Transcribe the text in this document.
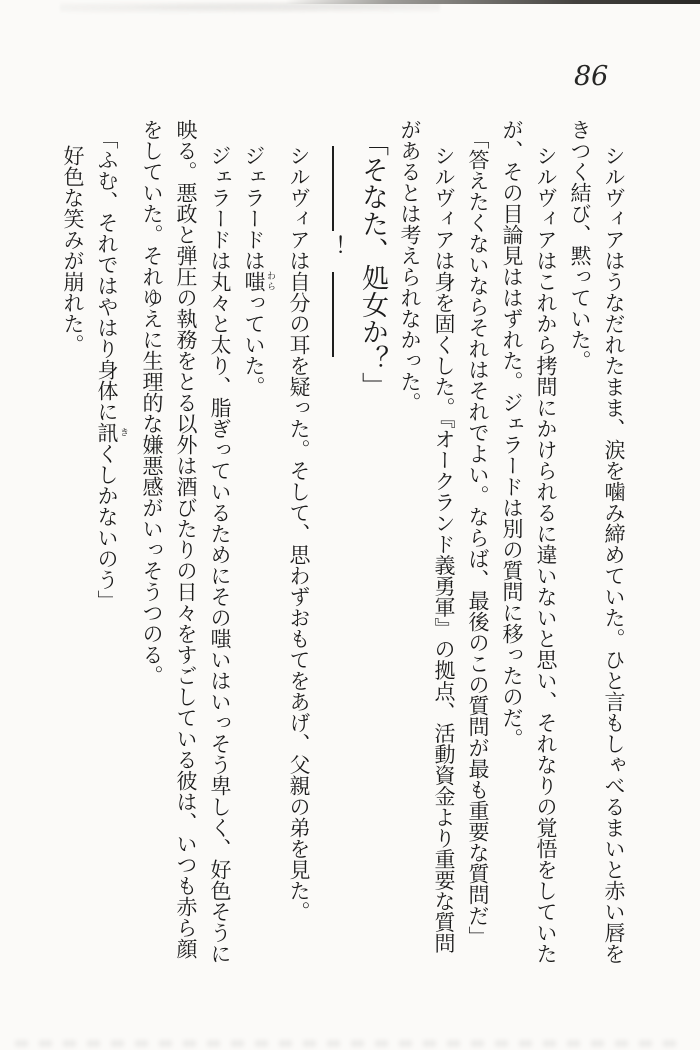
86
シルヴィアはうなだれたまま、涙を噛み締めていた。ひと言もしゃべるまいと赤い唇を
きつく結び、黙っていた。
シルヴィアはこれから拷問にかけられるに違いないと思い、それなりの覚悟をしていた
が、その目論見ははずれた。ジェラードは別の質問に移ったのだ。
「答えたくないならそれはそれでよい。ならば、最後のこの質問が最も重要な質問だ」
シルヴィアは身を固くした。『オークランド義勇軍』の拠点、活動資金より重要な質問
があるとは考えられなかった。
「そなた、処女か？」
！
シルヴィアは自分の耳を疑った。そして、思わずおもてをあげ、父親の弟を見た。
ジェラードは嗤 わらっていた。
ジェラードは丸々と太り、脂ぎっているためにその嗤いはいっそう卑しく、好色そうに
映る。悪政と弾圧の執務をとる以外は酒びたりの日々をすごしている彼は、いつも赤ら顔
をしていた。それゆえに生理的な嫌悪感がいっそうつのる。
「ふむ、それではやはり身体に訊 きくしかないのう」
好色な笑みが崩れた。
